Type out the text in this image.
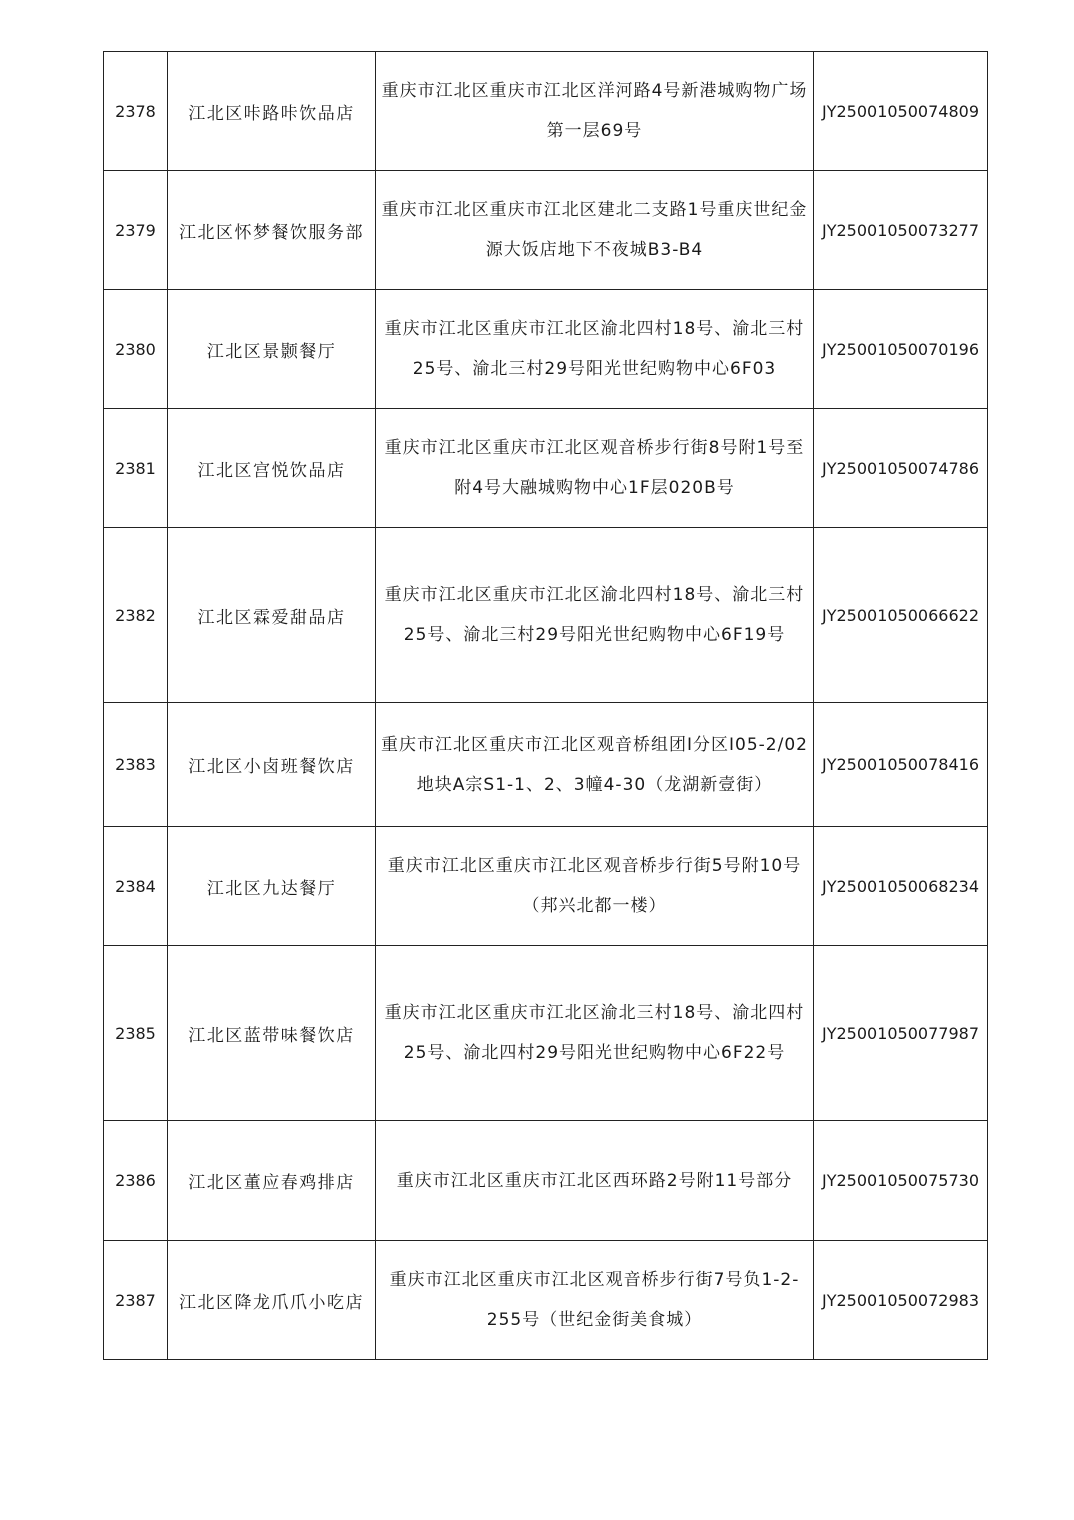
2378	江北区咔路咔饮品店	重庆市江北区重庆市江北区洋河路4号新港城购物广场第一层69号	JY25001050074809
2379	江北区怀梦餐饮服务部	重庆市江北区重庆市江北区建北二支路1号重庆世纪金源大饭店地下不夜城B3-B4	JY25001050073277
2380	江北区景颢餐厅	重庆市江北区重庆市江北区渝北四村18号、渝北三村25号、渝北三村29号阳光世纪购物中心6F03	JY25001050070196
2381	江北区宫悦饮品店	重庆市江北区重庆市江北区观音桥步行街8号附1号至附4号大融城购物中心1F层020B号	JY25001050074786
2382	江北区霖爱甜品店	重庆市江北区重庆市江北区渝北四村18号、渝北三村25号、渝北三村29号阳光世纪购物中心6F19号	JY25001050066622
2383	江北区小卤班餐饮店	重庆市江北区重庆市江北区观音桥组团Ⅰ分区I05-2/02地块A宗S1-1、2、3幢4-30（龙湖新壹街）	JY25001050078416
2384	江北区九达餐厅	重庆市江北区重庆市江北区观音桥步行街5号附10号（邦兴北都一楼）	JY25001050068234
2385	江北区蓝带味餐饮店	重庆市江北区重庆市江北区渝北三村18号、渝北四村25号、渝北四村29号阳光世纪购物中心6F22号	JY25001050077987
2386	江北区董应春鸡排店	重庆市江北区重庆市江北区西环路2号附11号部分	JY25001050075730
2387	江北区降龙爪爪小吃店	重庆市江北区重庆市江北区观音桥步行街7号负1-2-255号（世纪金街美食城）	JY25001050072983
